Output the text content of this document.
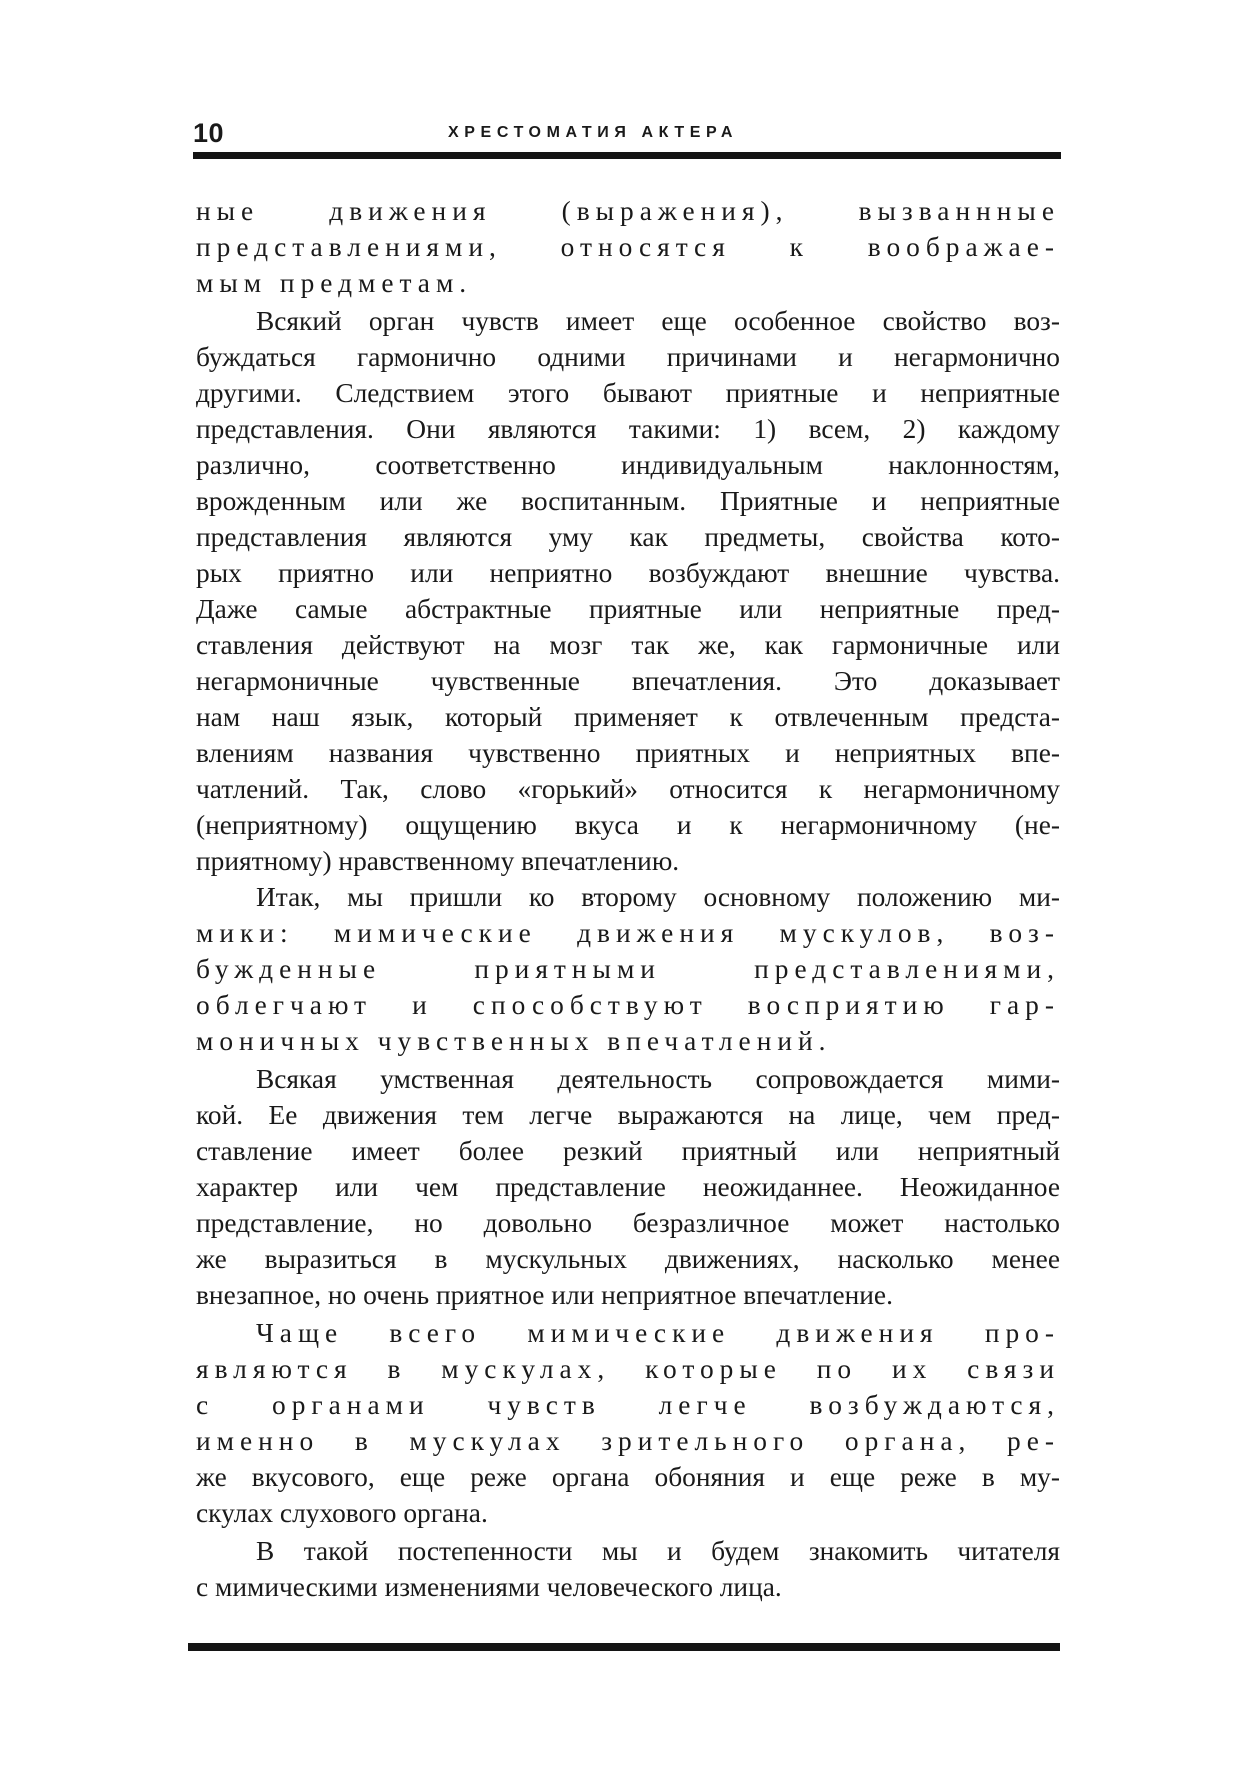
10	ХРЕСТОМАТИЯ АКТЕРА
ные движения (выражения), вызваннные
представлениями, относятся к воображае-
мым предметам.
Всякий орган чувств имеет еще особенное свойство воз-
буждаться гармонично одними причинами и негармонично
другими. Следствием этого бывают приятные и неприятные
представления. Они являются такими: 1) всем, 2) каждому
различно, соответственно индивидуальным наклонностям,
врожденным или же воспитанным. Приятные и неприятные
представления являются уму как предметы, свойства кото-
рых приятно или неприятно возбуждают внешние чувства.
Даже самые абстрактные приятные или неприятные пред-
ставления действуют на мозг так же, как гармоничные или
негармоничные чувственные впечатления. Это доказывает
нам наш язык, который применяет к отвлеченным предста-
влениям названия чувственно приятных и неприятных впе-
чатлений. Так, слово «горький» относится к негармоничному
(неприятному) ощущению вкуса и к негармоничному (не-
приятному) нравственному впечатлению.
Итак, мы пришли ко второму основному положению ми-
мики: мимические движения мускулов, воз-
бужденные приятными представлениями,
облегчают и способствуют восприятию гар-
моничных чувственных впечатлений.
Всякая умственная деятельность сопровождается мими-
кой. Ее движения тем легче выражаются на лице, чем пред-
ставление имеет более резкий приятный или неприятный
характер или чем представление неожиданнее. Неожиданное
представление, но довольно безразличное может настолько
же выразиться в мускульных движениях, насколько менее
внезапное, но очень приятное или неприятное впечатление.
Чаще всего мимические движения про-
являются в мускулах, которые по их связи
с органами чувств легче возбуждаются,
именно в мускулах зрительного органа, ре-
же вкусового, еще реже органа обоняния и еще реже в му-
скулах слухового органа.
В такой постепенности мы и будем знакомить читателя
с мимическими изменениями человеческого лица.
